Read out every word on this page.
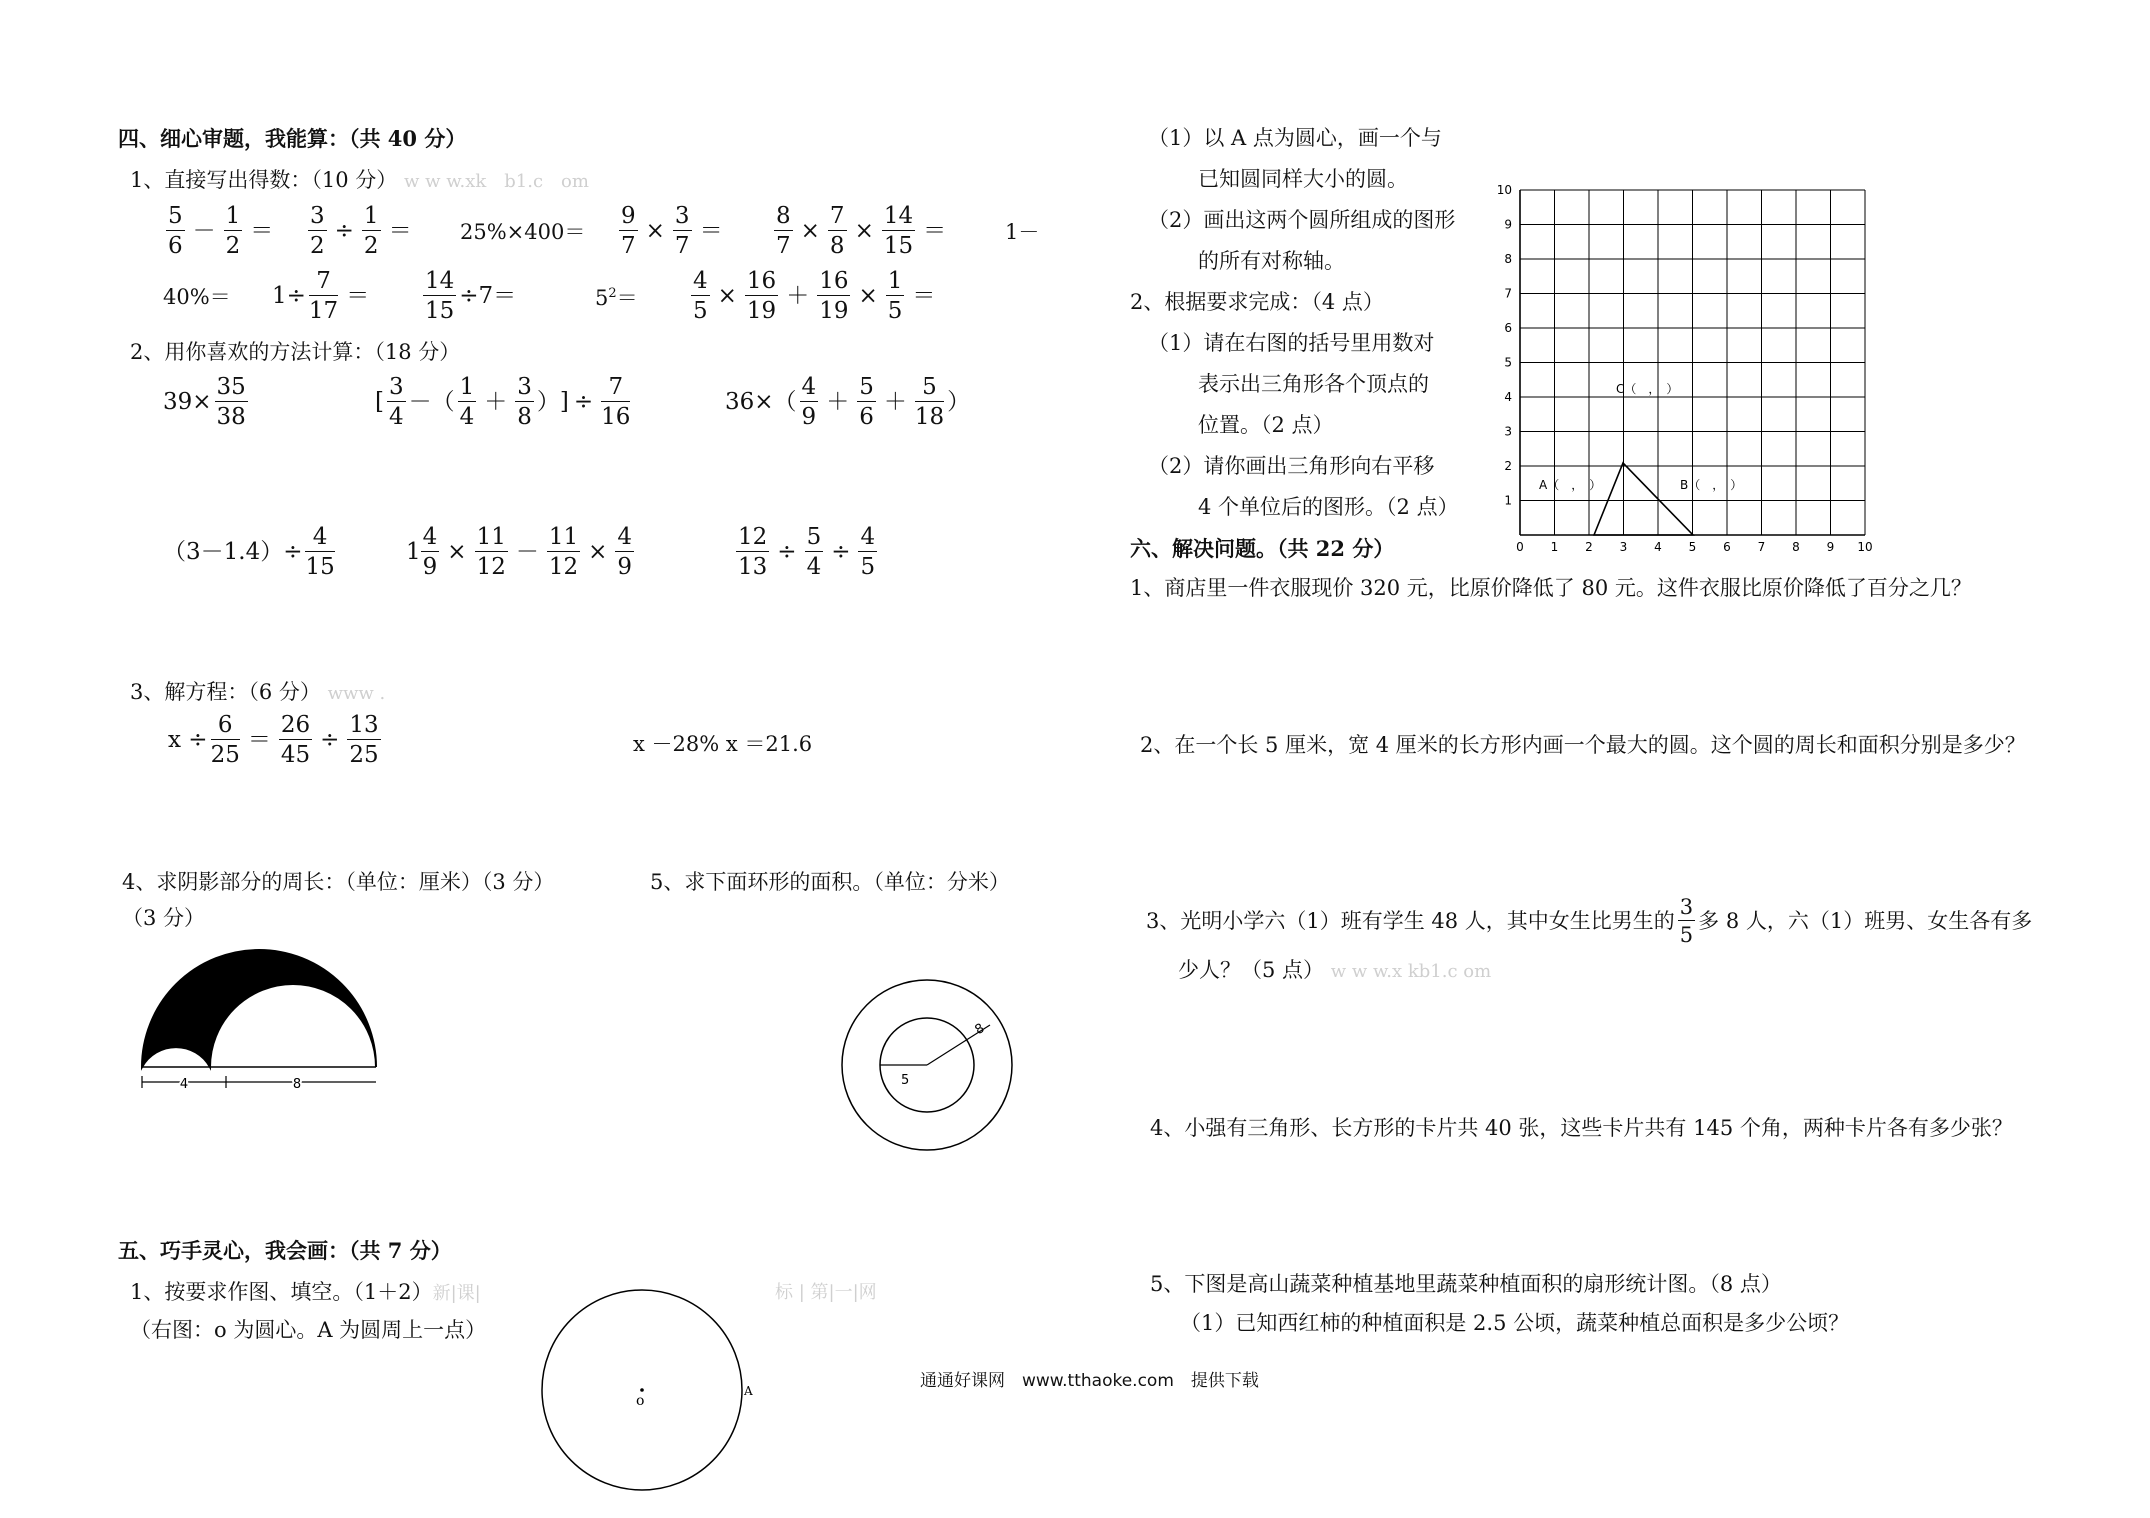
四、细心审题，我能算：（共 40 分）
1、直接写出得数：（10 分） w w w.xk　b1.c　om
5
6
－
1
2
＝ $\frac{3}{2} \div \frac{1}{2} = 25\%\times 400= \frac{9}{7} \times \frac{3}{7} = \frac{8}{7} \times \frac{7}{8} \times \frac{14}{15}$ ＝	1－
$40\%= 1\div \frac{7}{17} = \frac{14}{15} \div 7=$	$5^2= \frac{4}{5} \times \frac{16}{19} + \frac{16}{19} \times \frac{1}{5}$ ＝
2、用你喜欢的方法计算：（18 分）
$39\times \frac{35}{38}$	[
3
4
－（
1
4
＋
3
8
） ] ÷ $\frac{7}{16}$	36×（
4
9
＋
5
6
＋
5
18
）
$(3-1.4)\div \frac{4}{15}$	$1 \frac{4}{9} \times \frac{11}{12} - \frac{11}{12} \times \frac{4}{9}$	$\frac{12}{13} \div \frac{5}{4} \div \frac{4}{5}$
3、解方程：（6 分） www .
$x \div \frac{6}{25} = \frac{26}{45} \div \frac{13}{25}$	x －28% x ＝21.6
4、求阴影部分的周长：（单位：厘米）（3 分）
（3 分）
5、求下面环形的面积。（单位：分米）
4	8	5
8
五、巧手灵心，我会画：（共 7 分）
1、按要求作图、填空。（1＋2）新|课|	标 | 第|一|网
（右图：o 为圆心。A 为圆周上一点）
o
A	通通好课网　www.tthaoke.com　提供下载
（1）以 A 点为圆心，画一个与
已知圆同样大小的圆。
（2）画出这两个圆所组成的图形
的所有对称轴。
2、根据要求完成：（4 点）
（1）请在右图的括号里用数对
表示出三角形各个顶点的
位置。（2 点）
（2）请你画出三角形向右平移
4 个单位后的图形。（2 点）
0 1 2 3 4 5 6 7 8 9 10
1
2
3
4
5
6
7
8
9
10
A（　，　）	B（　，　）
C（　，　）
六、解决问题。（共 22 分）
1、商店里一件衣服现价 320 元，比原价降低了 80 元。这件衣服比原价降低了百分之几？
2、在一个长 5 厘米，宽 4 厘米的长方形内画一个最大的圆。这个圆的周长和面积分别是多少？
3、光明小学六（1）班有学生 48 人，其中女生比男生的
3
5
多 8 人，六（1）班男、女生各有多
少人？（5 点） w w w.x kb1.c om
4、小强有三角形、长方形的卡片共 40 张，这些卡片共有 145 个角，两种卡片各有多少张？
5、下图是高山蔬菜种植基地里蔬菜种植面积的扇形统计图。（8 点）
（1）已知西红柿的种植面积是 2.5 公顷，蔬菜种植总面积是多少公顷？
